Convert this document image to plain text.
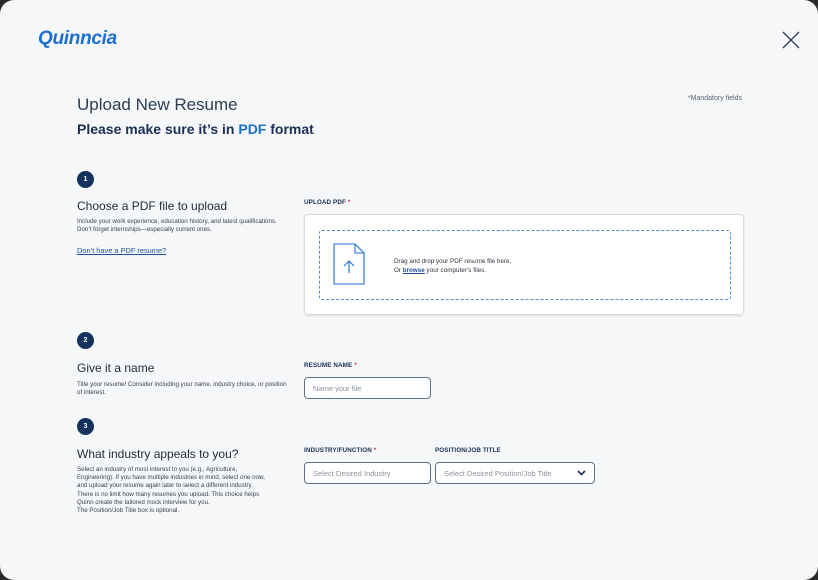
Quinncia
*Mandatory fields
Upload New Resume
Please make sure it’s in PDF format
1
Choose a PDF file to upload

Include your work experience, education history, and latest qualifications. Don’t forget internships—especially current ones.

Don’t have a PDF resume?
UPLOAD PDF *
Drag and drop your PDF resume file here.
Or browse your computer’s files.
2
Give it a name

Title your resume! Consider including your name, industry choice, or position of interest.

RESUME NAME *
Name your file
3
What industry appeals to you?
Select an industry of most interest to you (e.g., Agriculture,
Engineering). If you have multiple industries in mind, select one now,
and upload your resume again later to select a different industry.
There is no limit how many resumes you upload. This choice helps
Quinn create the tailored mock interview for you.
The Position/Job Title box is optional.
INDUSTRY/FUNCTION *
Select Desired Industry
POSITION/JOB TITLE
Select Desired Position/Job Title
